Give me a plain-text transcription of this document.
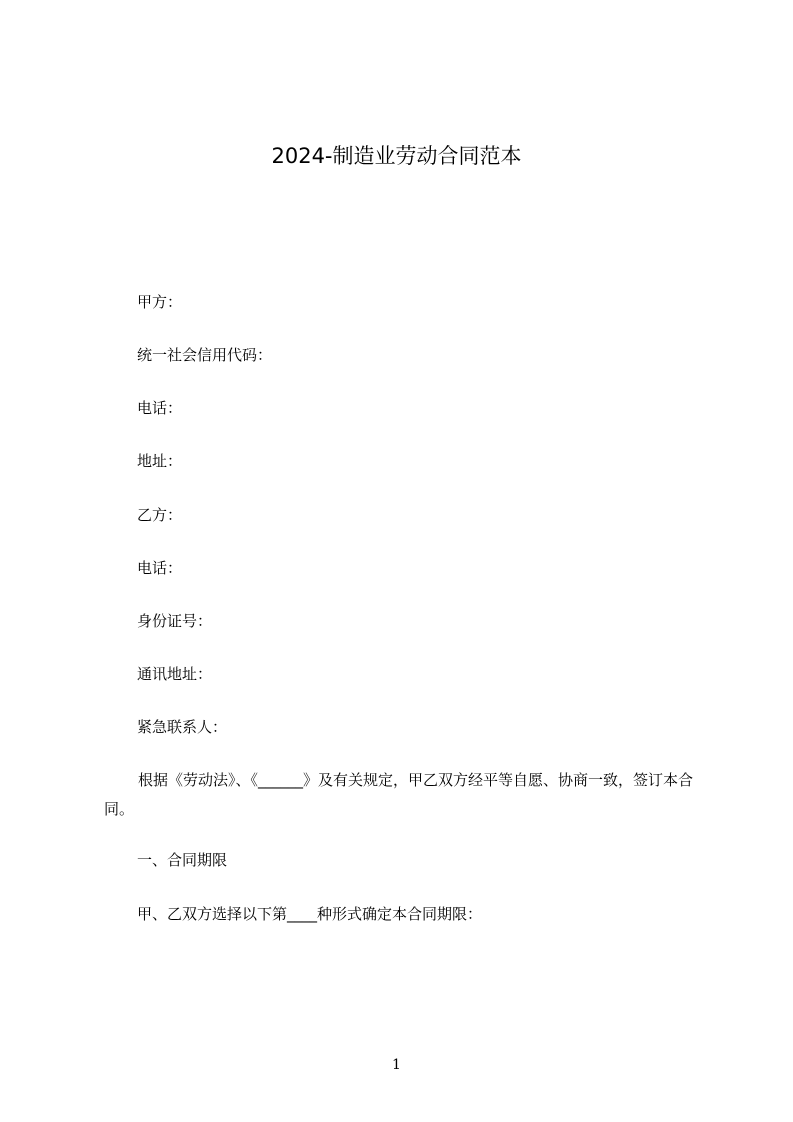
2024-制造业劳动合同范本
甲方：
统一社会信用代码：
电话：
地址：
乙方：
电话：
身份证号：
通讯地址：
紧急联系人：
根据《劳动法》、《______》及有关规定，甲乙双方经平等自愿、协商一致，签订本合同。
一、合同期限
甲、乙双方选择以下第____种形式确定本合同期限：
1
